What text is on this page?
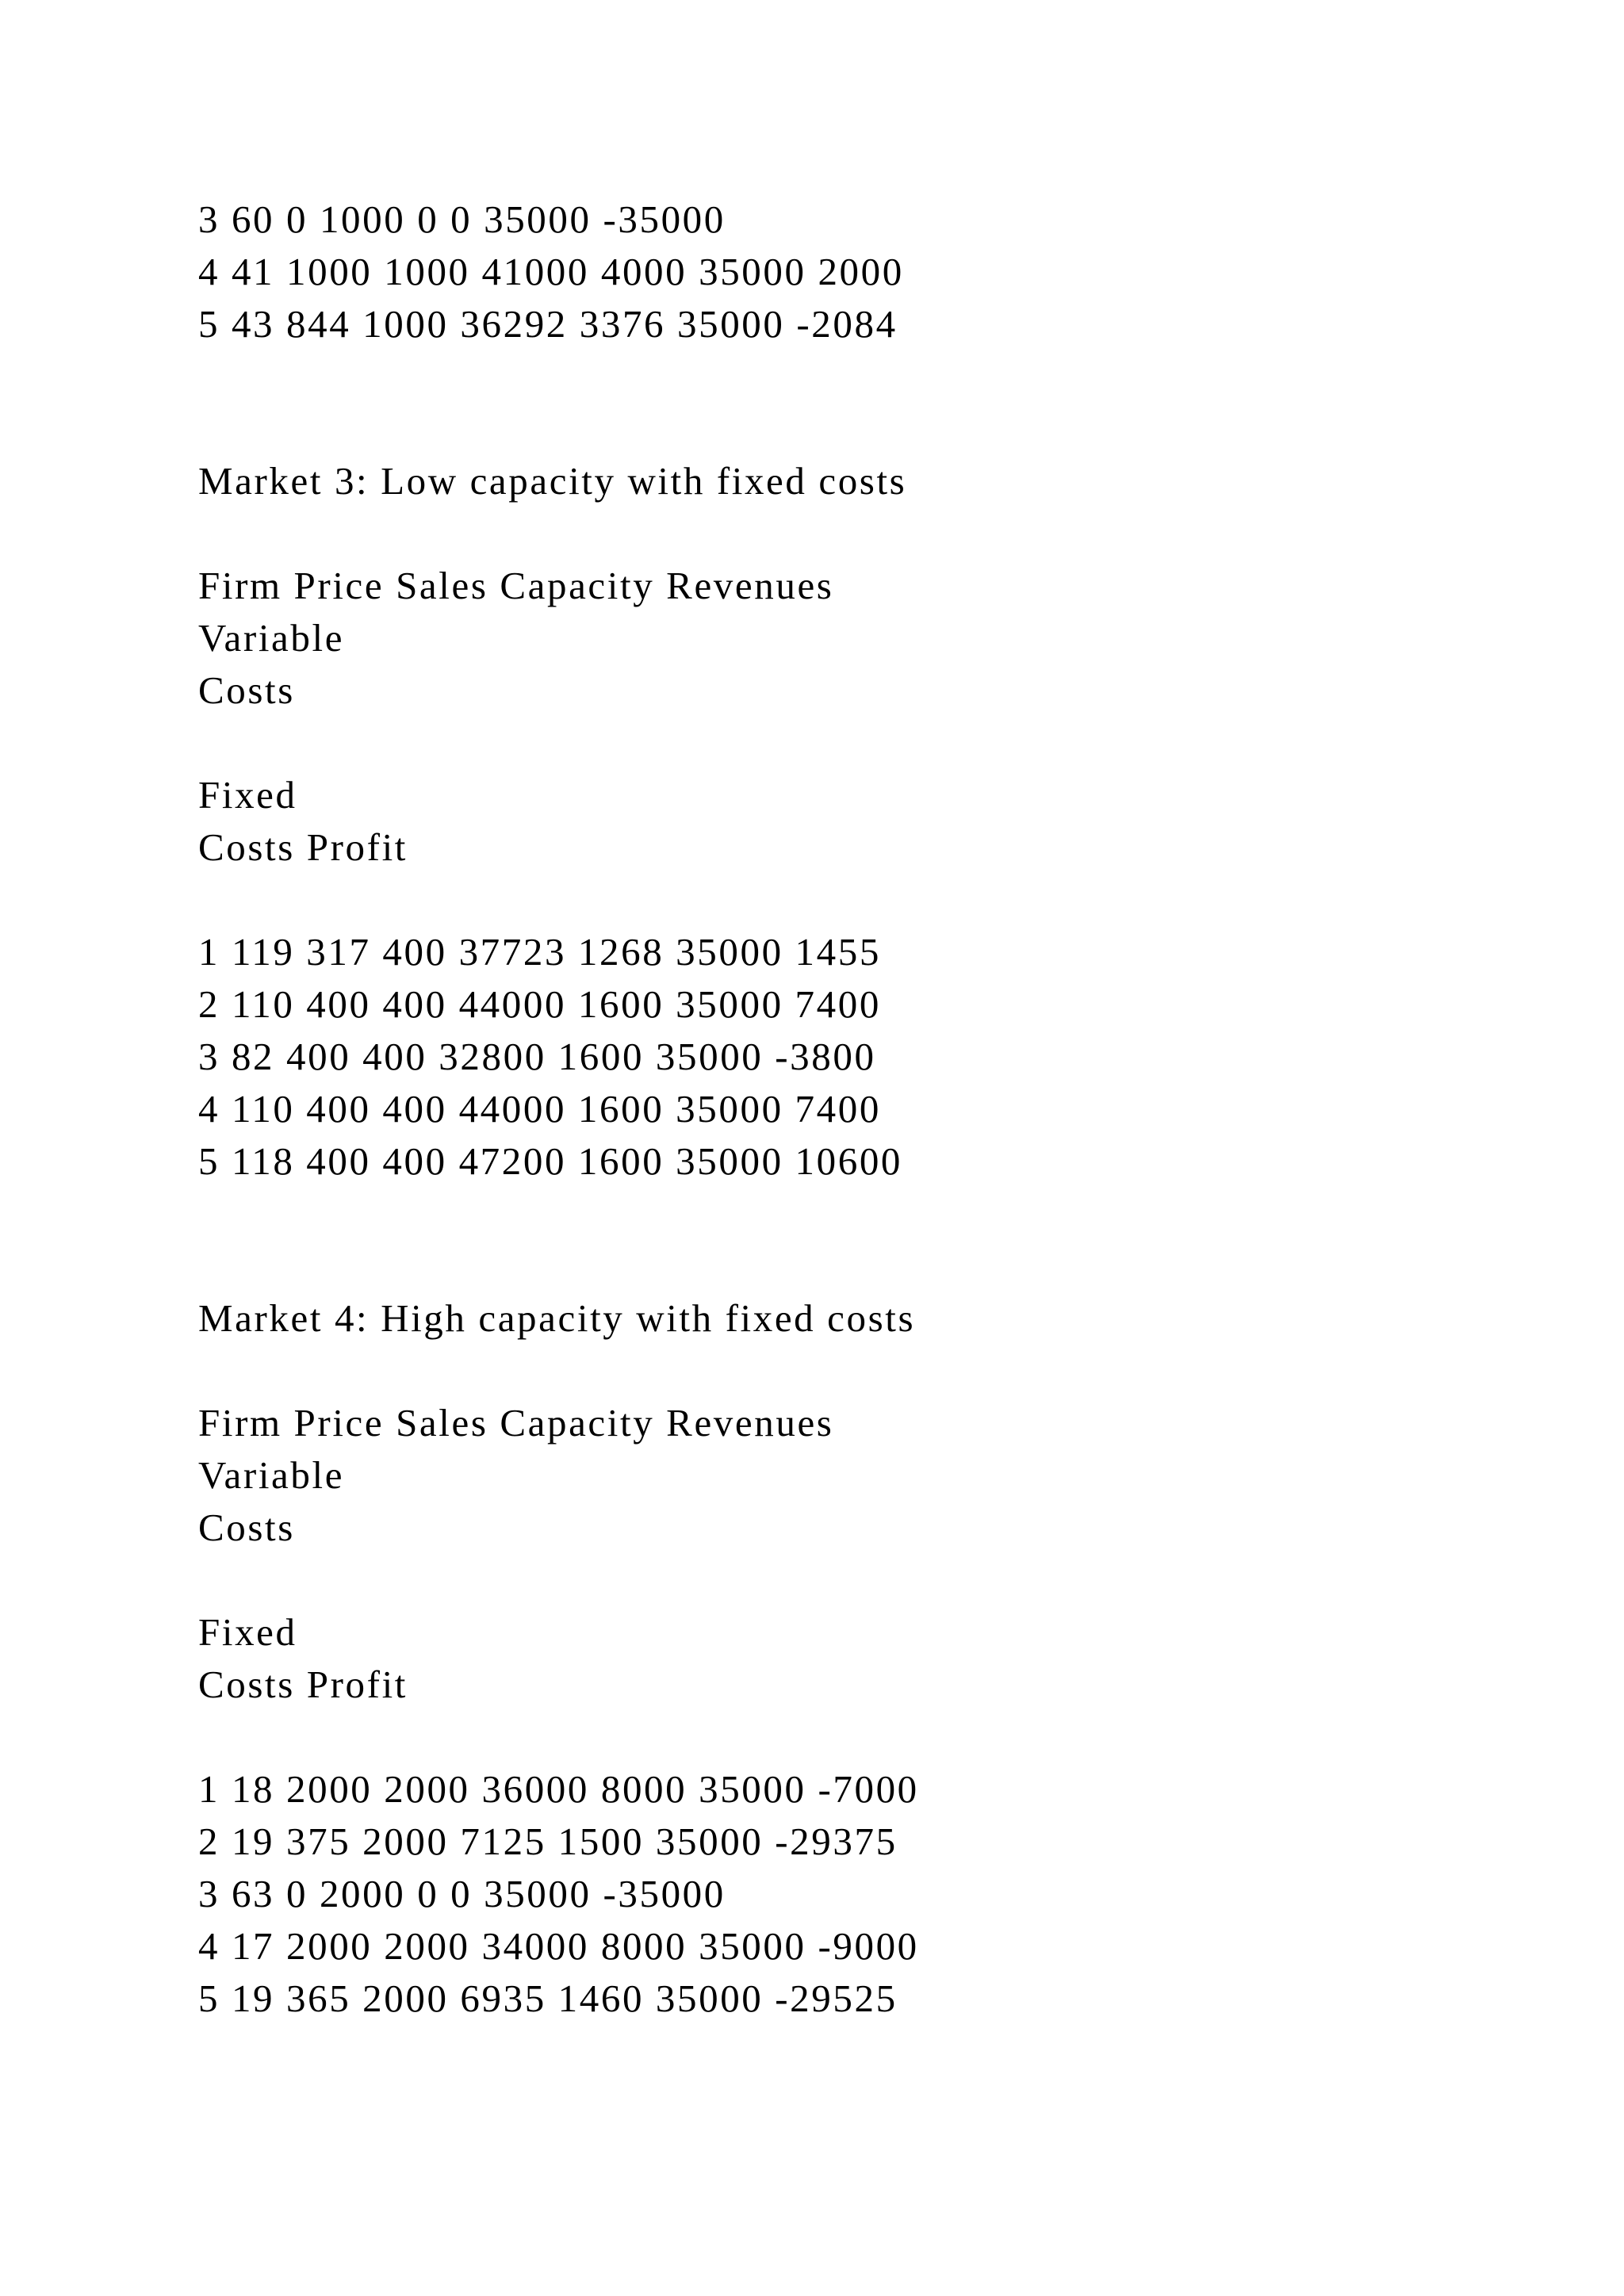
3 60 0 1000 0 0 35000 -35000
4 41 1000 1000 41000 4000 35000 2000
5 43 844 1000 36292 3376 35000 -2084
Market 3: Low capacity with fixed costs
Firm Price Sales Capacity Revenues
Variable
Costs
Fixed
Costs Profit
1 119 317 400 37723 1268 35000 1455
2 110 400 400 44000 1600 35000 7400
3 82 400 400 32800 1600 35000 -3800
4 110 400 400 44000 1600 35000 7400
5 118 400 400 47200 1600 35000 10600
Market 4: High capacity with fixed costs
Firm Price Sales Capacity Revenues
Variable
Costs
Fixed
Costs Profit
1 18 2000 2000 36000 8000 35000 -7000
2 19 375 2000 7125 1500 35000 -29375
3 63 0 2000 0 0 35000 -35000
4 17 2000 2000 34000 8000 35000 -9000
5 19 365 2000 6935 1460 35000 -29525
